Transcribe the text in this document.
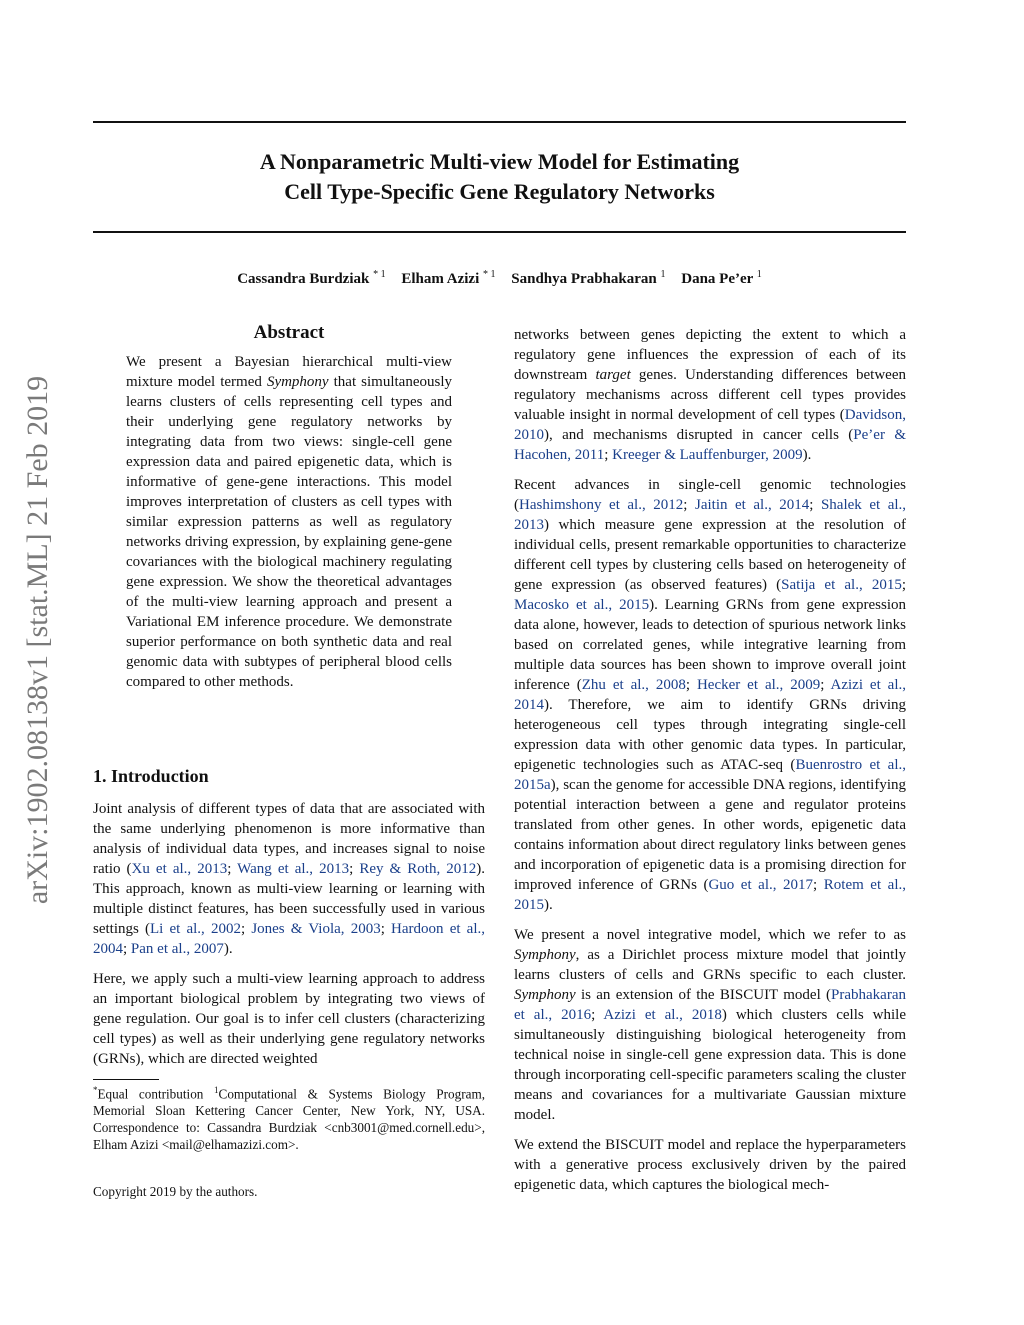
A Nonparametric Multi-view Model for Estimating
Cell Type-Specific Gene Regulatory Networks
Cassandra Burdziak $^{* 1}$ Elham Azizi $^{* 1}$ Sandhya Prabhakaran $^1$ Dana Pe’er $^1$
arXiv:1902.08138v1 [stat.ML] 21 Feb 2019
Abstract
We present a Bayesian hierarchical multi-view mixture model termed Symphony that simultaneously learns clusters of cells representing cell types and their underlying gene regulatory networks by integrating data from two views: single-cell gene expression data and paired epigenetic data, which is informative of gene-gene interactions. This model improves interpretation of clusters as cell types with similar expression patterns as well as regulatory networks driving expression, by explaining gene-gene covariances with the biological machinery regulating gene expression. We show the theoretical advantages of the multi-view learning approach and present a Variational EM inference procedure. We demonstrate superior performance on both synthetic data and real genomic data with subtypes of peripheral blood cells compared to other methods.
1. Introduction

Joint analysis of different types of data that are associated with the same underlying phenomenon is more informative than analysis of individual data types, and increases signal to noise ratio (Xu et al., 2013; Wang et al., 2013; Rey & Roth, 2012). This approach, known as multi-view learning or learning with multiple distinct features, has been successfully used in various settings (Li et al., 2002; Jones & Viola, 2003; Hardoon et al., 2004; Pan et al., 2007).

Here, we apply such a multi-view learning approach to address an important biological problem by integrating two views of gene regulation. Our goal is to infer cell clusters (characterizing cell types) as well as their underlying gene regulatory networks (GRNs), which are directed weighted

*Equal contribution $^1$Computational & Systems Biology Program, Memorial Sloan Kettering Cancer Center, New York, NY, USA. Correspondence to: Cassandra Burdziak <cnb3001@med.cornell.edu>, Elham Azizi <mail@elhamazizi.com>.
Copyright 2019 by the authors.

networks between genes depicting the extent to which a regulatory gene influences the expression of each of its downstream target genes. Understanding differences between regulatory mechanisms across different cell types provides valuable insight in normal development of cell types (Davidson, 2010), and mechanisms disrupted in cancer cells (Pe’er & Hacohen, 2011; Kreeger & Lauffenburger, 2009).

Recent advances in single-cell genomic technologies (Hashimshony et al., 2012; Jaitin et al., 2014; Shalek et al., 2013) which measure gene expression at the resolution of individual cells, present remarkable opportunities to characterize different cell types by clustering cells based on heterogeneity of gene expression (as observed features) (Satija et al., 2015; Macosko et al., 2015). Learning GRNs from gene expression data alone, however, leads to detection of spurious network links based on correlated genes, while integrative learning from multiple data sources has been shown to improve overall joint inference (Zhu et al., 2008; Hecker et al., 2009; Azizi et al., 2014). Therefore, we aim to identify GRNs driving heterogeneous cell types through integrating single-cell expression data with other genomic data types. In particular, epigenetic technologies such as ATAC-seq (Buenrostro et al., 2015a), scan the genome for accessible DNA regions, identifying potential interaction between a gene and regulator proteins translated from other genes. In other words, epigenetic data contains information about direct regulatory links between genes and incorporation of epigenetic data is a promising direction for improved inference of GRNs (Guo et al., 2017; Rotem et al., 2015).

We present a novel integrative model, which we refer to as Symphony, as a Dirichlet process mixture model that jointly learns clusters of cells and GRNs specific to each cluster. Symphony is an extension of the BISCUIT model (Prabhakaran et al., 2016; Azizi et al., 2018) which clusters cells while simultaneously distinguishing biological heterogeneity from technical noise in single-cell gene expression data. This is done through incorporating cell-specific parameters scaling the cluster means and covariances for a multivariate Gaussian mixture model.

We extend the BISCUIT model and replace the hyperparameters with a generative process exclusively driven by the paired epigenetic data, which captures the biological mech-
